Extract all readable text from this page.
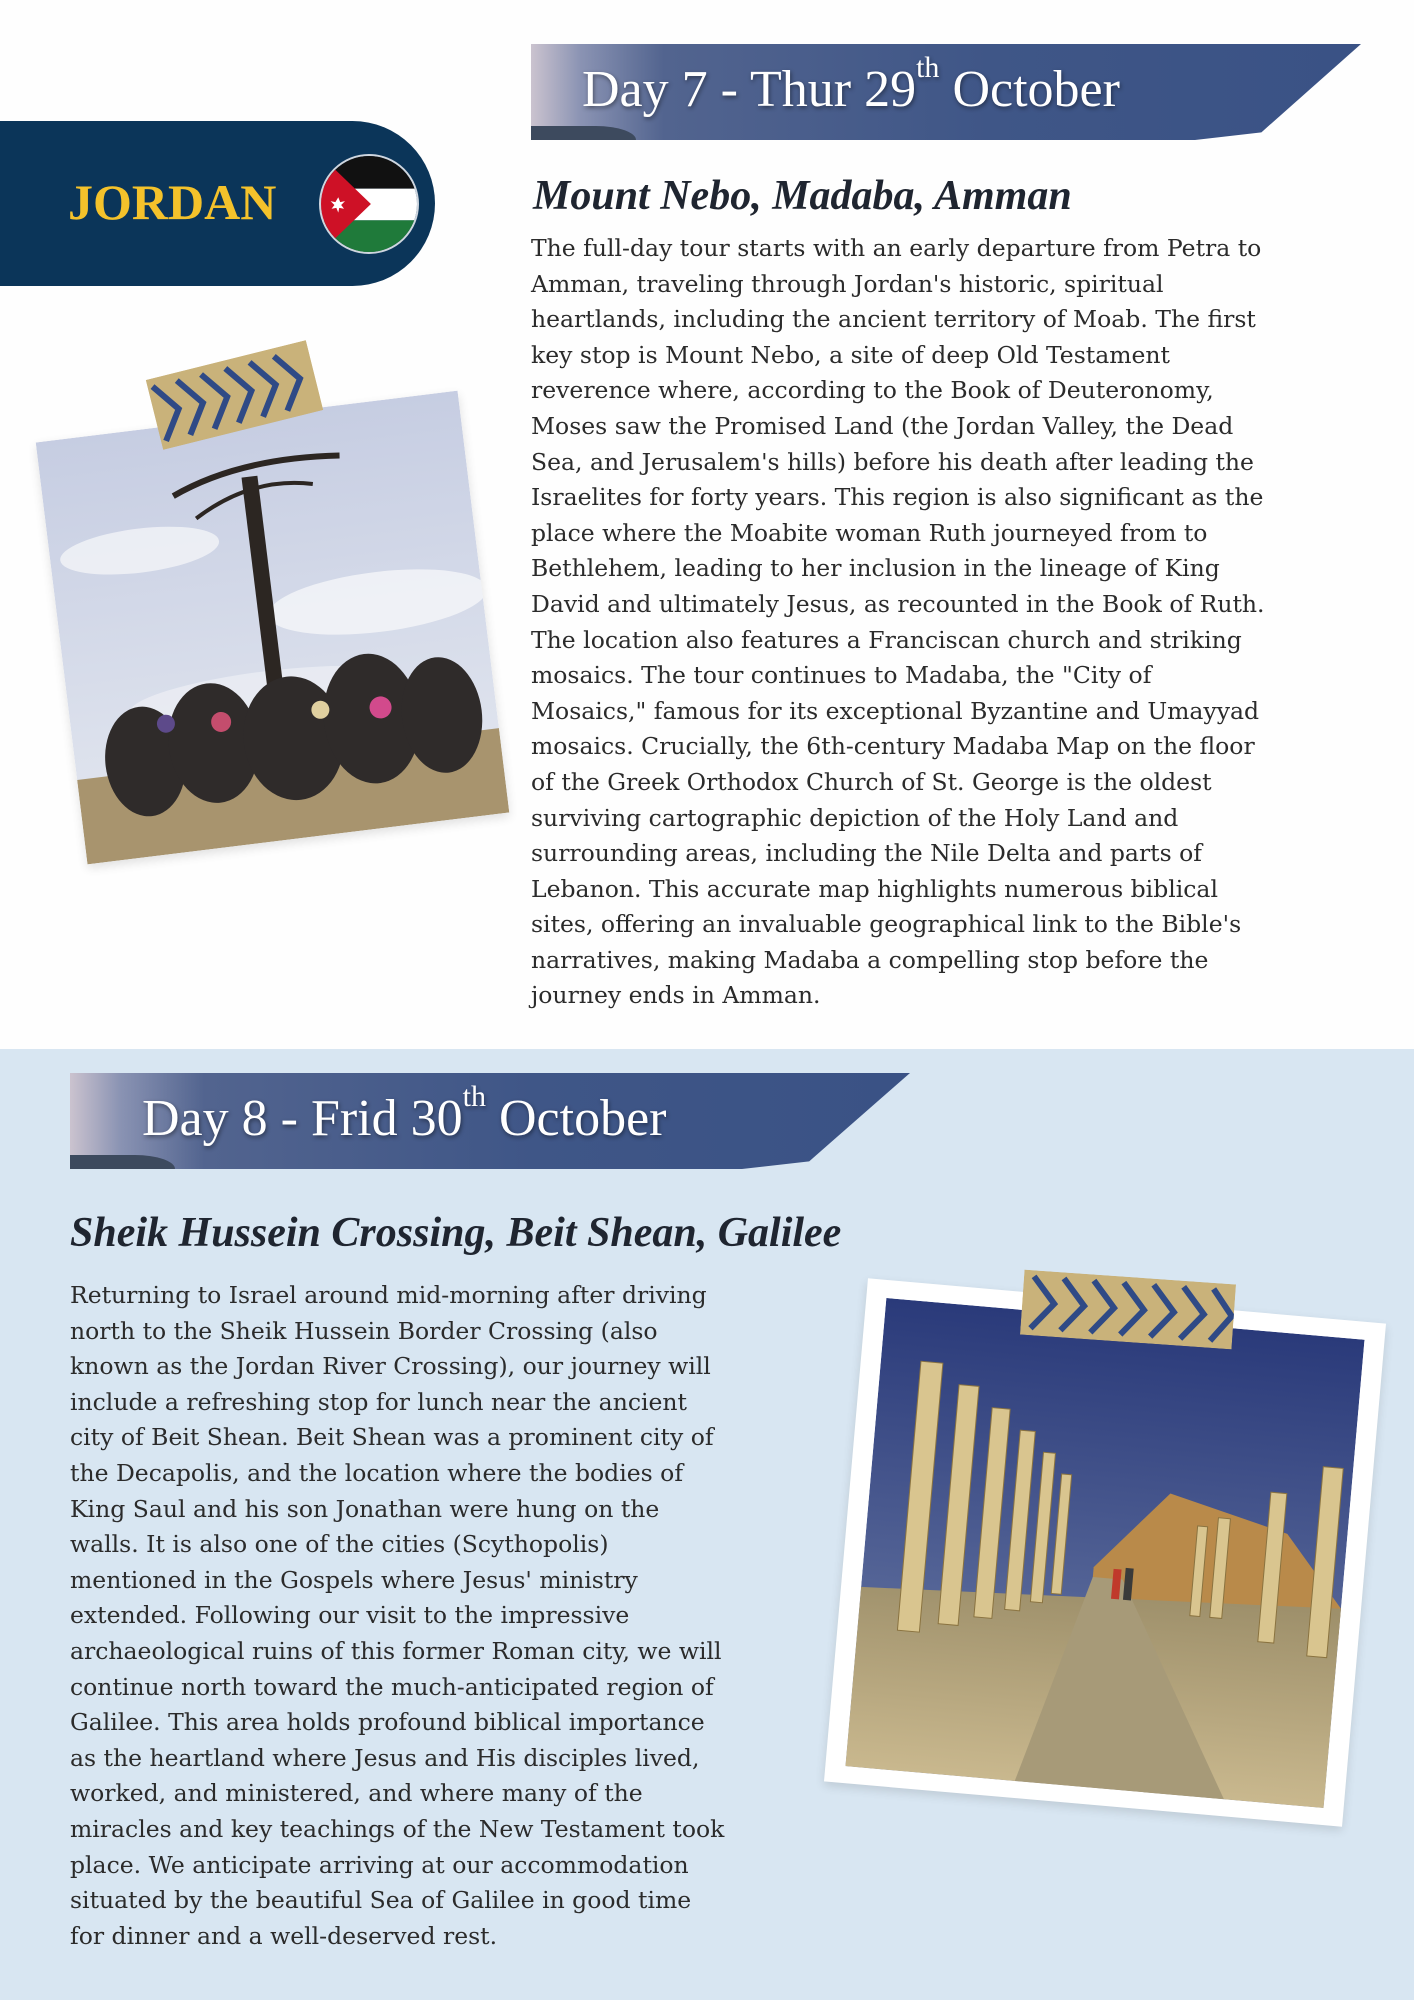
JORDAN
Day 7 - Thur 29th October
Mount Nebo, Madaba, Amman

The full-day tour starts with an early departure from Petra to
Amman, traveling through Jordan's historic, spiritual
heartlands, including the ancient territory of Moab. The first
key stop is Mount Nebo, a site of deep Old Testament
reverence where, according to the Book of Deuteronomy,
Moses saw the Promised Land (the Jordan Valley, the Dead
Sea, and Jerusalem's hills) before his death after leading the
Israelites for forty years. This region is also significant as the
place where the Moabite woman Ruth journeyed from to
Bethlehem, leading to her inclusion in the lineage of King
David and ultimately Jesus, as recounted in the Book of Ruth.
The location also features a Franciscan church and striking
mosaics. The tour continues to Madaba, the "City of
Mosaics," famous for its exceptional Byzantine and Umayyad
mosaics. Crucially, the 6th-century Madaba Map on the floor
of the Greek Orthodox Church of St. George is the oldest
surviving cartographic depiction of the Holy Land and
surrounding areas, including the Nile Delta and parts of
Lebanon. This accurate map highlights numerous biblical
sites, offering an invaluable geographical link to the Bible's
narratives, making Madaba a compelling stop before the
journey ends in Amman.

Day 8 - Frid 30th October
Sheik Hussein Crossing, Beit Shean, Galilee

Returning to Israel around mid-morning after driving
north to the Sheik Hussein Border Crossing (also
known as the Jordan River Crossing), our journey will
include a refreshing stop for lunch near the ancient
city of Beit Shean. Beit Shean was a prominent city of
the Decapolis, and the location where the bodies of
King Saul and his son Jonathan were hung on the
walls. It is also one of the cities (Scythopolis)
mentioned in the Gospels where Jesus' ministry
extended. Following our visit to the impressive
archaeological ruins of this former Roman city, we will
continue north toward the much-anticipated region of
Galilee. This area holds profound biblical importance
as the heartland where Jesus and His disciples lived,
worked, and ministered, and where many of the
miracles and key teachings of the New Testament took
place. We anticipate arriving at our accommodation
situated by the beautiful Sea of Galilee in good time
for dinner and a well-deserved rest.
